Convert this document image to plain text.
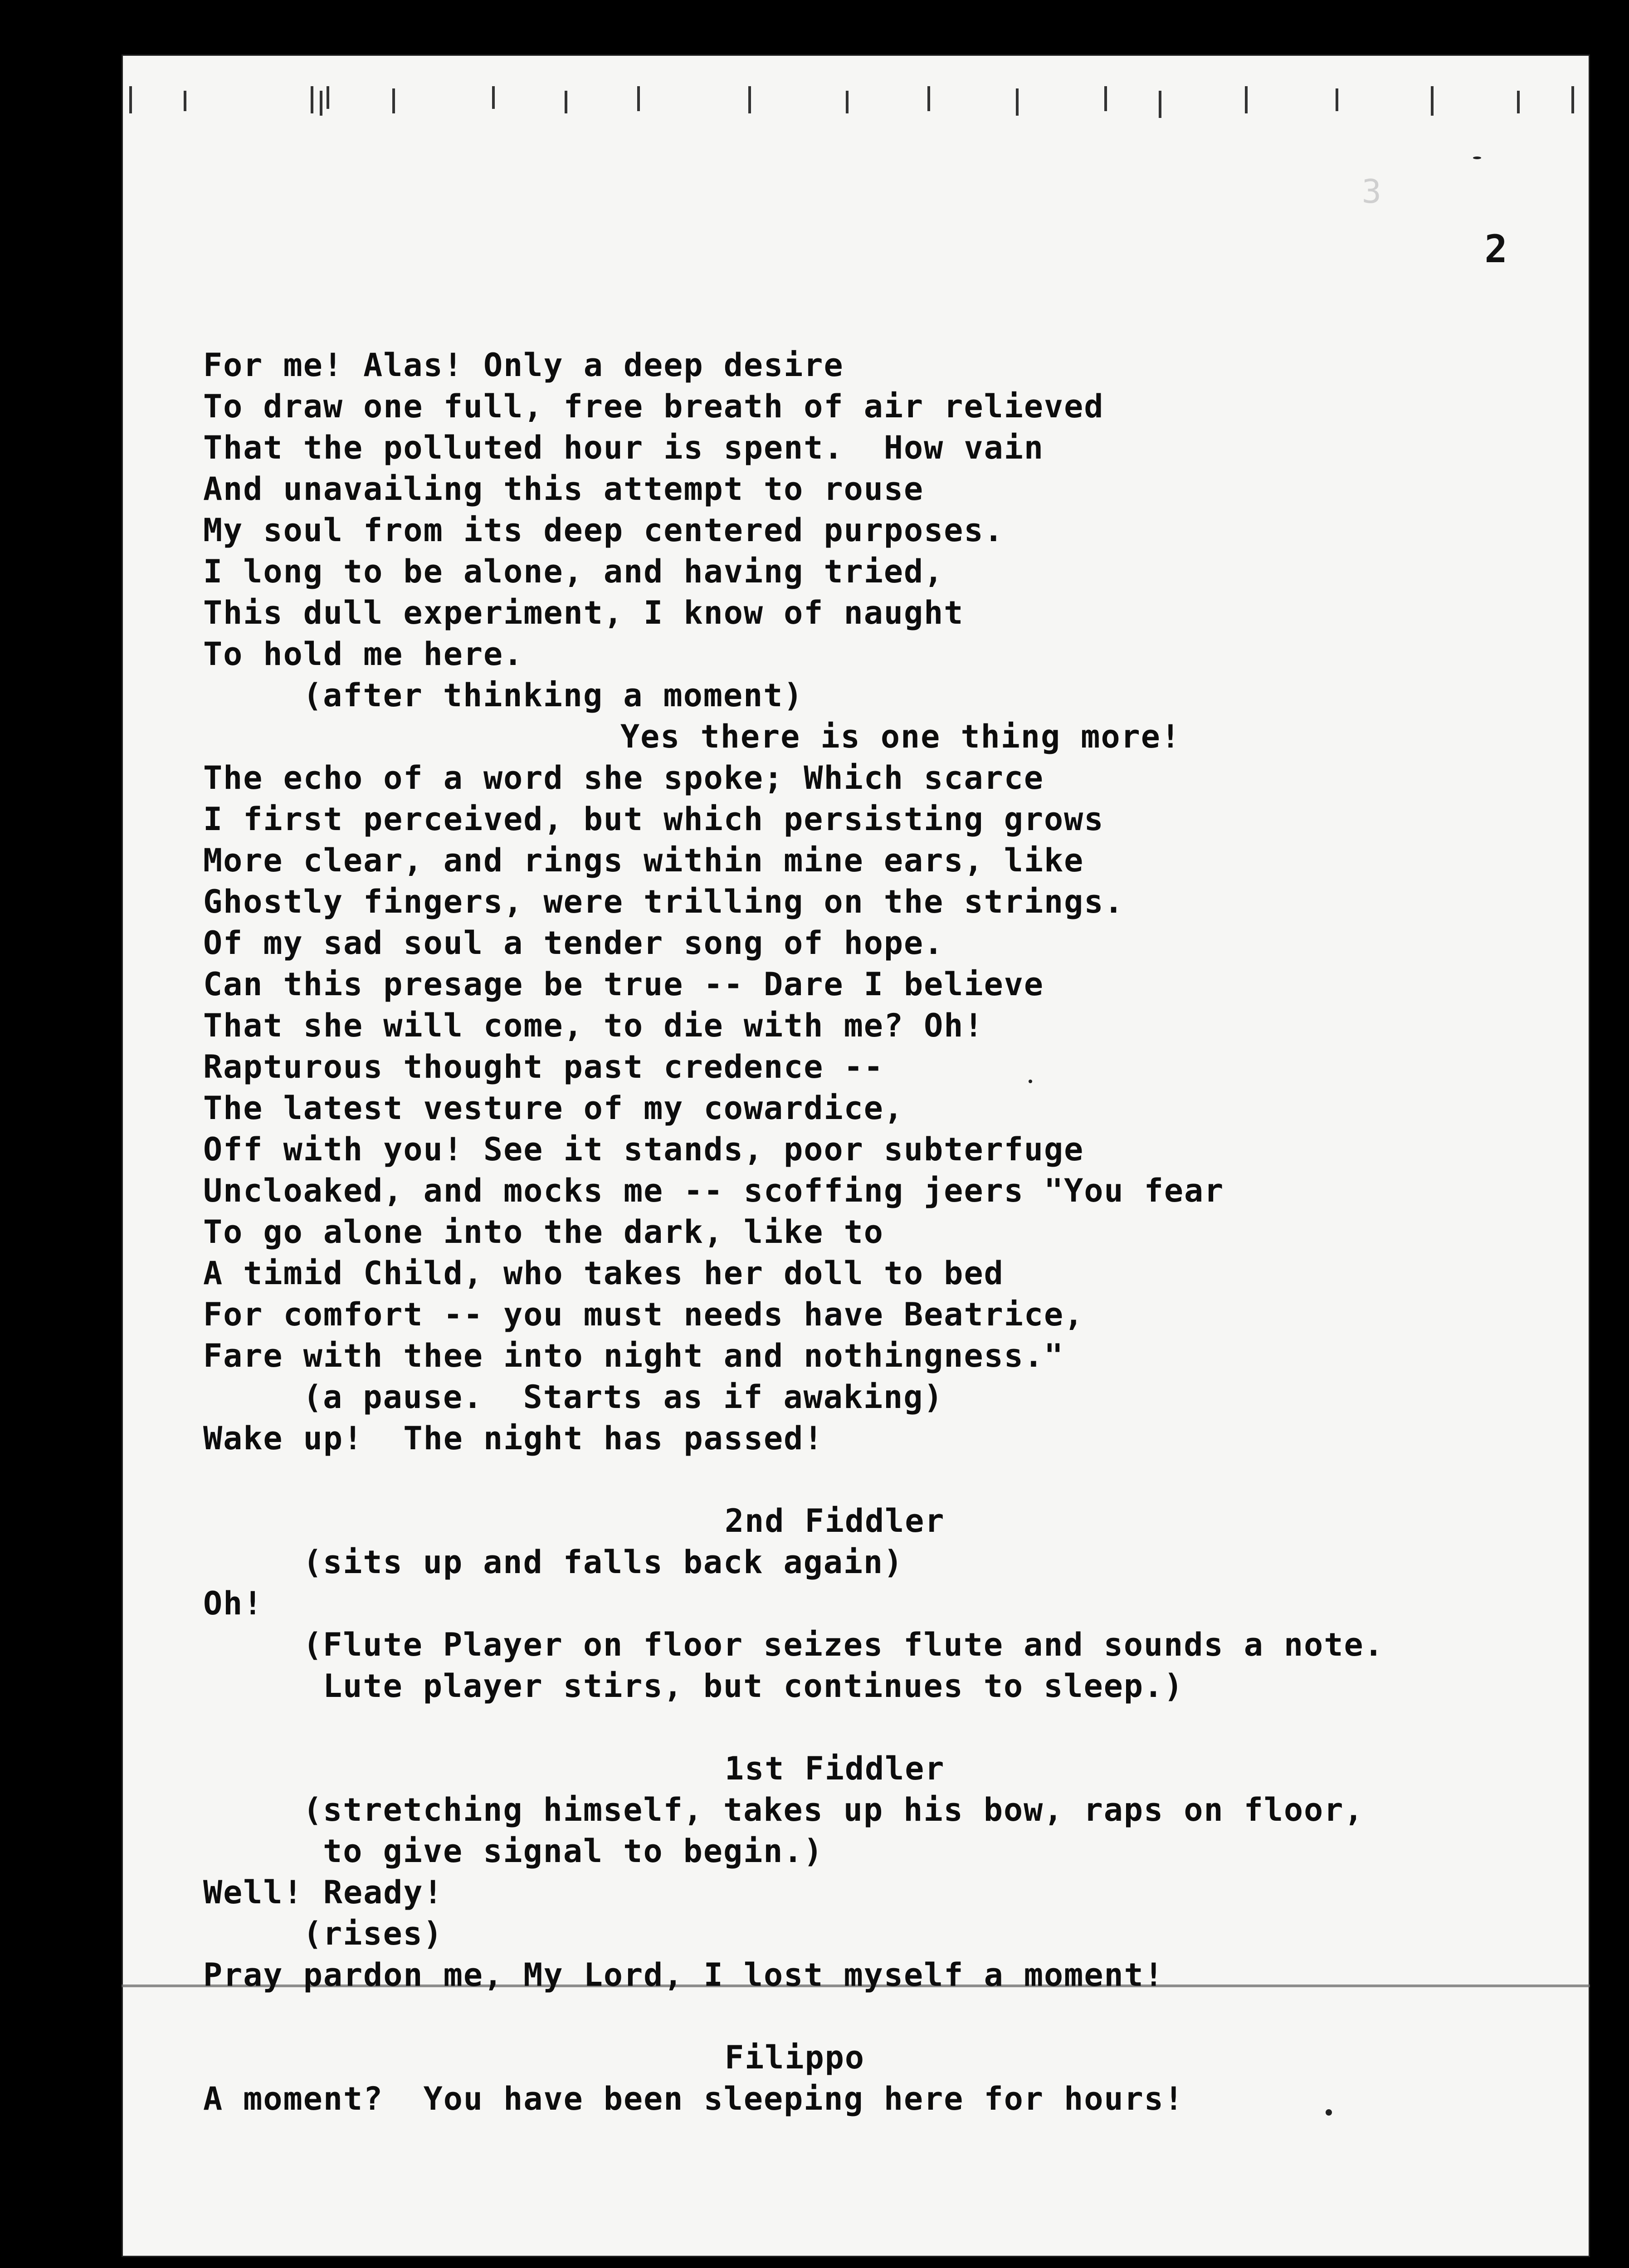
3
2
For me! Alas! Only a deep desire
To draw one full, free breath of air relieved
That the polluted hour is spent.  How vain
And unavailing this attempt to rouse
My soul from its deep centered purposes.
I long to be alone, and having tried,
This dull experiment, I know of naught
To hold me here.
(after thinking a moment)
Yes there is one thing more!
The echo of a word she spoke; Which scarce
I first perceived, but which persisting grows
More clear, and rings within mine ears, like
Ghostly fingers, were trilling on the strings.
Of my sad soul a tender song of hope.
Can this presage be true -- Dare I believe
That she will come, to die with me? Oh!
Rapturous thought past credence --
The latest vesture of my cowardice,
Off with you! See it stands, poor subterfuge
Uncloaked, and mocks me -- scoffing jeers "You fear
To go alone into the dark, like to
A timid Child, who takes her doll to bed
For comfort -- you must needs have Beatrice,
Fare with thee into night and nothingness."
(a pause.  Starts as if awaking)
Wake up!  The night has passed!
2nd Fiddler
(sits up and falls back again)
Oh!
(Flute Player on floor seizes flute and sounds a note.
Lute player stirs, but continues to sleep.)
1st Fiddler
(stretching himself, takes up his bow, raps on floor,
to give signal to begin.)
Well! Ready!
(rises)
Pray pardon me, My Lord, I lost myself a moment!
Filippo
A moment?  You have been sleeping here for hours!
